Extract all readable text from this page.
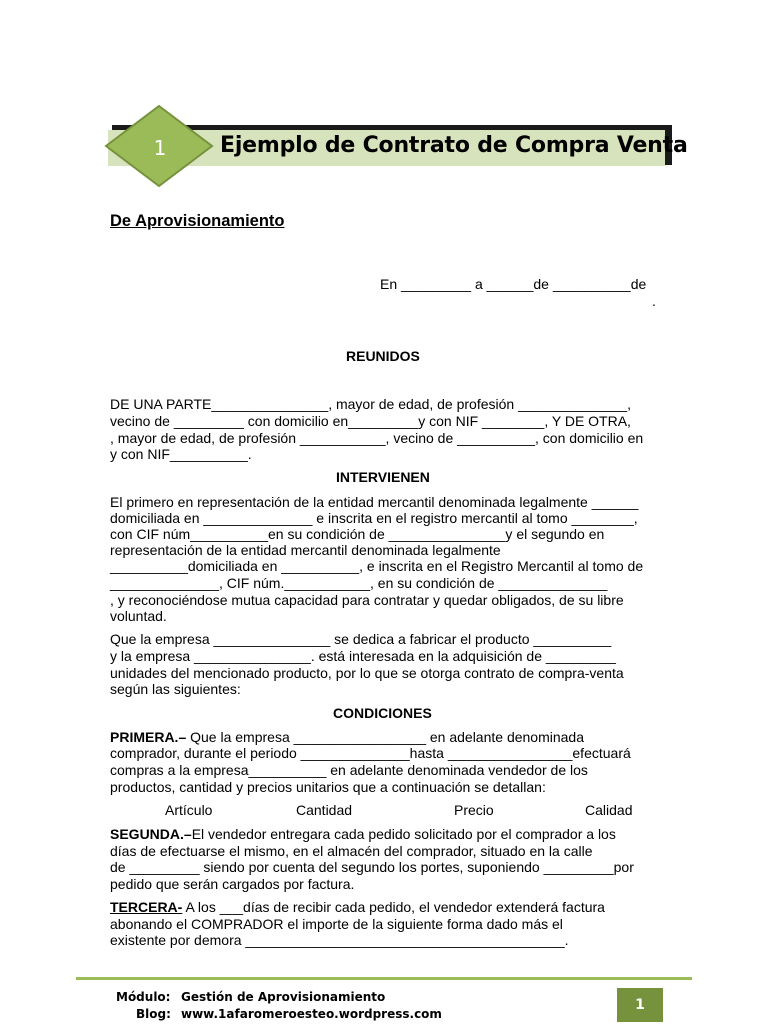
Ejemplo de Contrato de Compra Venta
1
De Aprovisionamiento
En _________ a ______de __________de
.
REUNIDOS
DE UNA PARTE_______________, mayor de edad, de profesión ______________,
vecino de _________ con domicilio en_________y con NIF ________, Y DE OTRA,
, mayor de edad, de profesión ___________, vecino de __________, con domicilio en
y con NIF__________.
INTERVIENEN
El primero en representación de la entidad mercantil denominada legalmente ______
domiciliada en ______________ e inscrita en el registro mercantil al tomo ________,
con CIF núm__________en su condición de _______________y el segundo en
representación de la entidad mercantil denominada legalmente
__________domiciliada en __________, e inscrita en el Registro Mercantil al tomo de
______________, CIF núm.___________, en su condición de ______________
, y reconociéndose mutua capacidad para contratar y quedar obligados, de su libre
voluntad.
Que la empresa _______________ se dedica a fabricar el producto __________
y la empresa _______________. está interesada en la adquisición de _________
unidades del mencionado producto, por lo que se otorga contrato de compra-venta
según las siguientes:
CONDICIONES
PRIMERA.– Que la empresa _________________ en adelante denominada
comprador, durante el periodo ______________hasta ________________efectuará
compras a la empresa__________ en adelante denominada vendedor de los
productos, cantidad y precios unitarios que a continuación se detallan:
Artículo	Cantidad	Precio	Calidad
SEGUNDA.–El vendedor entregara cada pedido solicitado por el comprador a los
días de efectuarse el mismo, en el almacén del comprador, situado en la calle
de _________ siendo por cuenta del segundo los portes, suponiendo _________por
pedido que serán cargados por factura.
TERCERA- A los ___días de recibir cada pedido, el vendedor extenderá factura
abonando el COMPRADOR el importe de la siguiente forma dado más el
existente por demora _________________________________________.
Módulo: Gestión de Aprovisionamiento
Blog: www.1afaromeroesteo.wordpress.com
1
